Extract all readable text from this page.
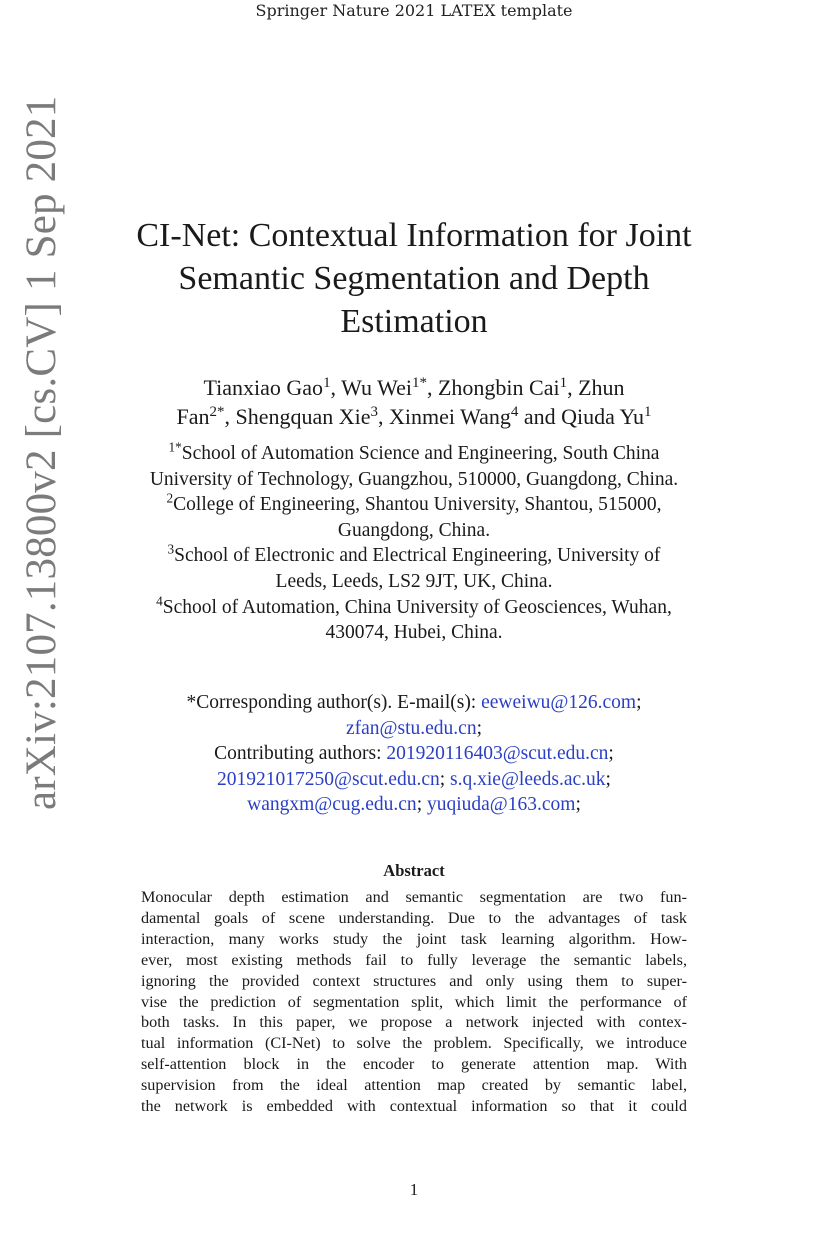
Springer Nature 2021 LATEX template
arXiv:2107.13800v2 [cs.CV] 1 Sep 2021	CI-Net: Contextual Information for Joint
Semantic Segmentation and Depth
Estimation
Tianxiao Gao$^1$, Wu Wei$^{1*}$, Zhongbin Cai$^1$, Zhun
Fan$^{2*}$, Shengquan Xie$^3$, Xinmei Wang$^4$ and Qiuda Yu$^1$
$^{1*}$School of Automation Science and Engineering, South China
University of Technology, Guangzhou, 510000, Guangdong, China.
$^2$College of Engineering, Shantou University, Shantou, 515000,
Guangdong, China.
$^3$School of Electronic and Electrical Engineering, University of
Leeds, Leeds, LS2 9JT, UK, China.
$^4$School of Automation, China University of Geosciences, Wuhan,
430074, Hubei, China.
*Corresponding author(s). E-mail(s): eeweiwu@126.com;
zfan@stu.edu.cn;
Contributing authors: 201920116403@scut.edu.cn;
201921017250@scut.edu.cn; s.q.xie@leeds.ac.uk;
wangxm@cug.edu.cn; yuqiuda@163.com;
Abstract
Monocular depth estimation and semantic segmentation are two fun-
damental goals of scene understanding. Due to the advantages of task
interaction, many works study the joint task learning algorithm. How-
ever, most existing methods fail to fully leverage the semantic labels,
ignoring the provided context structures and only using them to super-
vise the prediction of segmentation split, which limit the performance of
both tasks. In this paper, we propose a network injected with contex-
tual information (CI-Net) to solve the problem. Specifically, we introduce
self-attention block in the encoder to generate attention map. With
supervision from the ideal attention map created by semantic label,
the network is embedded with contextual information so that it could
1
